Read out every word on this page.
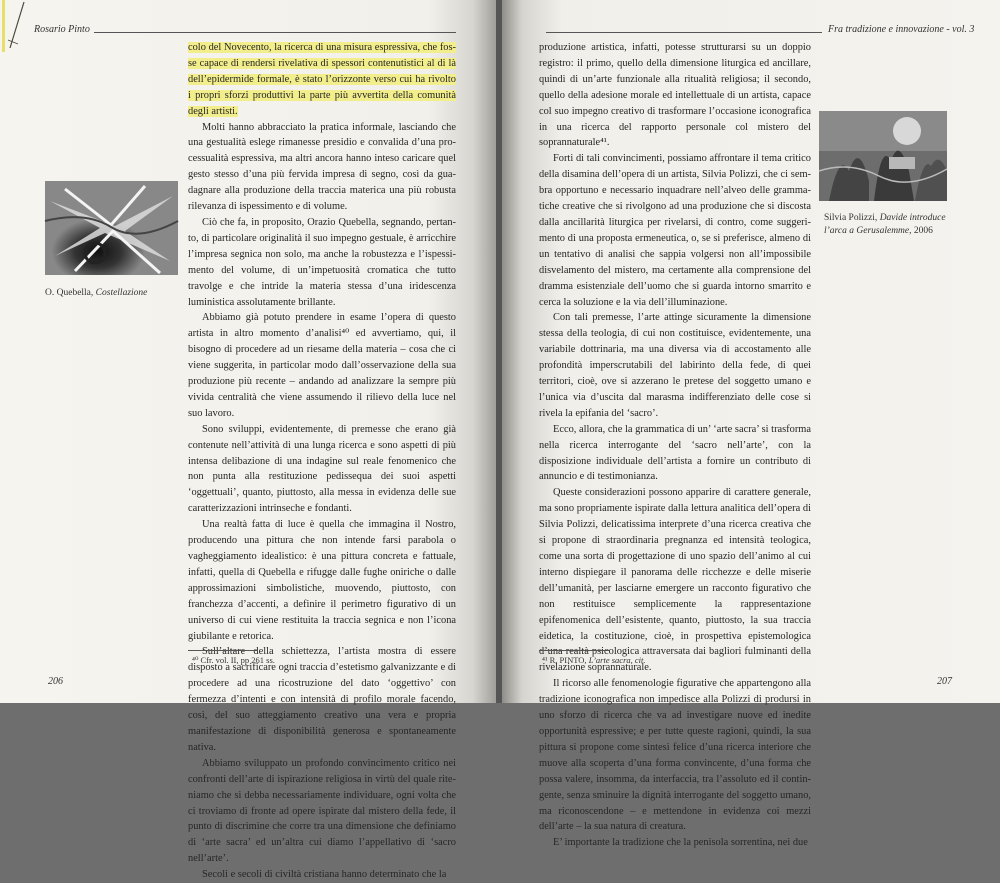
Rosario Pinto

colo del Novecento, la ricerca di una misura espressiva, che fosse capace di rendersi rivelativa di spessori contenutistici al di là dell’epidermide formale, è stato l’orizzonte verso cui ha rivolto i propri sforzi produttivi la parte più avvertita della comunità degli artisti.

Molti hanno abbracciato la pratica informale, lasciando che una gestualità eslege rimanesse presidio e convalida d’una processualità espressiva, ma altri ancora hanno inteso caricare quel gesto stesso d’una più fervida impresa di segno, così da guadagnare alla produzione della traccia materica una più robusta rilevanza di ispessimento e di volume.

Ciò che fa, in proposito, Orazio Quebella, segnando, pertanto, di particolare originalità il suo impegno gestuale, è arricchire l’impresa segnica non solo, ma anche la robustezza e l’ispessimento del volume, di un’impetuosità cromatica che tutto travolge e che intride la materia stessa d’una iridescenza luministica assolutamente brillante.

Abbiamo già potuto prendere in esame l’opera di questo artista in altro momento d’analisi⁴⁰ ed avvertiamo, qui, il bisogno di procedere ad un riesame della materia – cosa che ci viene suggerita, in particolar modo dall’osservazione della sua produzione più recente – andando ad analizzare la sempre più vivida centralità che viene assumendo il rilievo della luce nel suo lavoro.

Sono sviluppi, evidentemente, di premesse che erano già contenute nell’attività di una lunga ricerca e sono aspetti di più intensa delibazione di una indagine sul reale fenomenico che non punta alla restituzione pedissequa dei suoi aspetti ‘oggettuali’, quanto, piuttosto, alla messa in evidenza delle sue caratterizzazioni intrinseche e fondanti.

Una realtà fatta di luce è quella che immagina il Nostro, producendo una pittura che non intende farsi parabola o vagheggiamento idealistico: è una pittura concreta e fattuale, infatti, quella di Quebella e rifugge dalle fughe oniriche o dalle approssimazioni simbolistiche, muovendo, piuttosto, con franchezza d’accenti, a definire il perimetro figurativo di un universo di cui viene restituita la traccia segnica e non l’icona giubilante e retorica.

Sull’altare della schiettezza, l’artista mostra di essere disposto a sacrificare ogni traccia d’estetismo galvanizzante e di procedere ad una ricostruzione del dato ‘oggettivo’ con fermezza d’intenti e con intensità di profilo morale facendo, così, del suo atteggiamento creativo una vera e propria manifestazione di disponibilità generosa e spontaneamente nativa.

Abbiamo sviluppato un profondo convincimento critico nei confronti dell’arte di ispirazione religiosa in virtù del quale riteniamo che si debba necessariamente individuare, ogni volta che ci troviamo di fronte ad opere ispirate dal mistero della fede, il punto di discrimine che corre tra una dimensione che definiamo di ‘arte sacra’ ed un’altra cui diamo l’appellativo di ‘sacro nell’arte’.

Secoli e secoli di civiltà cristiana hanno determinato che la

O. Quebella, Costellazione
⁴⁰ Cfr. vol. II, pp 261 ss.
206
Fra tradizione e innovazione - vol. 3

produzione artistica, infatti, potesse strutturarsi su un doppio registro: il primo, quello della dimensione liturgica ed ancillare, quindi di un’arte funzionale alla ritualità religiosa; il secondo, quello della adesione morale ed intellettuale di un artista, capace col suo impegno creativo di trasformare l’occasione iconografica in una ricerca del rapporto personale col mistero del soprannaturale⁴¹.

Forti di tali convincimenti, possiamo affrontare il tema critico della disamina dell’opera di un artista, Silvia Polizzi, che ci sembra opportuno e necessario inquadrare nell’alveo delle grammatiche creative che si rivolgono ad una produzione che si discosta dalla ancillarità liturgica per rivelarsi, di contro, come suggerimento di una proposta ermeneutica, o, se si preferisce, almeno di un tentativo di analisi che sappia volgersi non all’impossibile disvelamento del mistero, ma certamente alla comprensione del dramma esistenziale dell’uomo che si guarda intorno smarrito e cerca la soluzione e la via dell’illuminazione.

Con tali premesse, l’arte attinge sicuramente la dimensione stessa della teologia, di cui non costituisce, evidentemente, una variabile dottrinaria, ma una diversa via di accostamento alle profondità imperscrutabili del labirinto della fede, di quei territori, cioè, ove si azzerano le pretese del soggetto umano e l’unica via d’uscita dal marasma indifferenziato delle cose si rivela la epifania del ‘sacro’.

Ecco, allora, che la grammatica di un’ ‘arte sacra’ si trasforma nella ricerca interrogante del ‘sacro nell’arte’, con la disposizione individuale dell’artista a fornire un contributo di annuncio e di testimonianza.

Queste considerazioni possono apparire di carattere generale, ma sono propriamente ispirate dalla lettura analitica dell’opera di Silvia Polizzi, delicatissima interprete d’una ricerca creativa che si propone di straordinaria pregnanza ed intensità teologica, come una sorta di progettazione di uno spazio dell’animo al cui interno dispiegare il panorama delle ricchezze e delle miserie dell’umanità, per lasciarne emergere un racconto figurativo che non restituisce semplicemente la rappresentazione epifenomenica dell’esistente, quanto, piuttosto, la sua traccia eidetica, la costituzione, cioè, in prospettiva epistemologica d’una realtà psicologica attraversata dai bagliori fulminanti della rivelazione soprannaturale.

Il ricorso alle fenomenologie figurative che appartengono alla tradizione iconografica non impedisce alla Polizzi di prodursi in uno sforzo di ricerca che va ad investigare nuove ed inedite opportunità espressive; e per tutte queste ragioni, quindi, la sua pittura si propone come sintesi felice d’una ricerca interiore che muove alla scoperta d’una forma convincente, d’una forma che possa valere, insomma, da interfaccia, tra l’assoluto ed il contingente, senza sminuire la dignità interrogante del soggetto umano, ma riconoscendone – e mettendone in evidenza coi mezzi dell’arte – la sua natura di creatura.

E’ importante la tradizione che la penisola sorrentina, nei due

Silvia Polizzi, Davide introduce l’arca a Gerusalemme, 2006
⁴¹ R. PINTO, L’arte sacra, cit.
207
